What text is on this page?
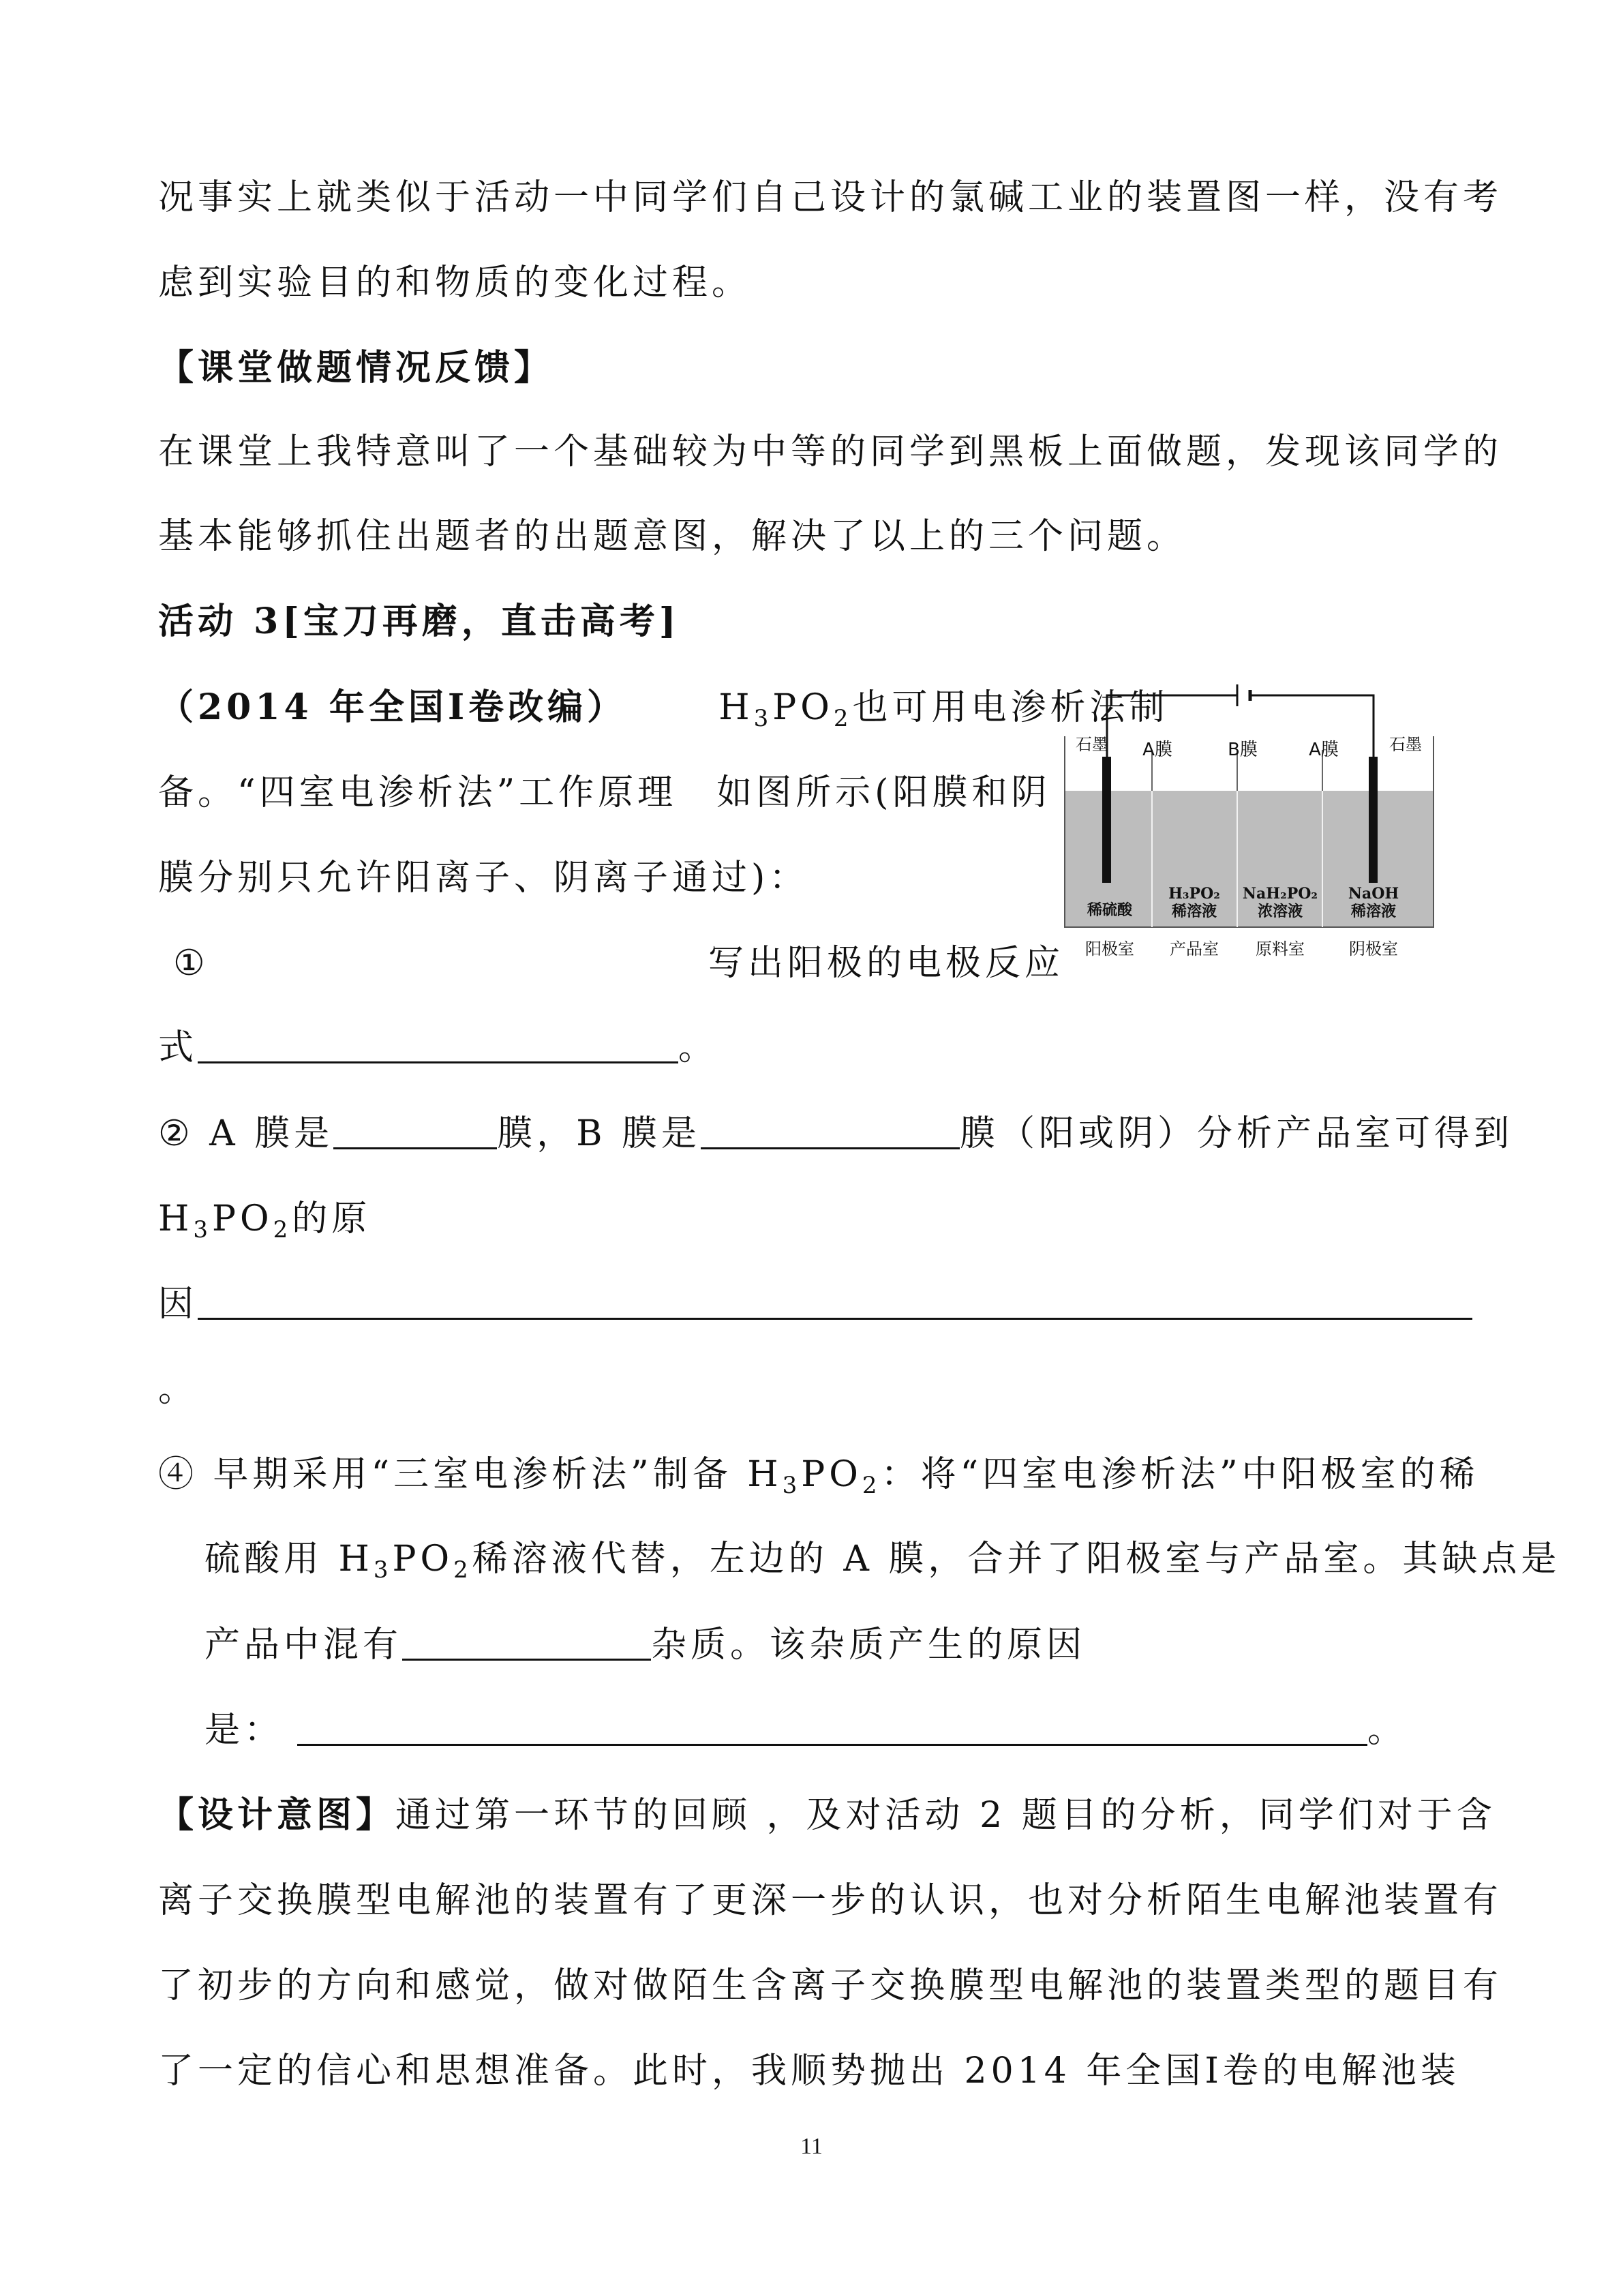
况事实上就类似于活动一中同学们自己设计的氯碱工业的装置图一样，没有考
虑到实验目的和物质的变化过程。
【课堂做题情况反馈】
在课堂上我特意叫了一个基础较为中等的同学到黑板上面做题，发现该同学的
基本能够抓住出题者的出题意图，解决了以上的三个问题。
活动 3[宝刀再磨，直击高考]
（2014 年全国Ⅰ卷改编）	$H_3PO_2$也可用电渗析法制
备。“四室电渗析法”工作原理　如图所示(阳膜和阴
膜分别只允许阳离子、阴离子通过)：
①	写出阳极的电极反应
式	。
② A 膜是	膜，B 膜是	膜（阳或阴）分析产品室可得到
$H_3PO_2$的原
因
。
④ 早期采用“三室电渗析法”制备 $H_3PO_2$：将“四室电渗析法”中阳极室的稀
硫酸用 $H_3PO_2$稀溶液代替，左边的 A 膜，合并了阳极室与产品室。其缺点是
产品中混有	杂质。该杂质产生的原因
是：	。
【设计意图】通过第一环节的回顾 ，及对活动 2 题目的分析，同学们对于含
离子交换膜型电解池的装置有了更深一步的认识，也对分析陌生电解池装置有
了初步的方向和感觉，做对做陌生含离子交换膜型电解池的装置类型的题目有
了一定的信心和思想准备。此时，我顺势抛出 2014 年全国Ⅰ卷的电解池装
石墨	石墨
A膜	B膜	A膜
稀硫酸
H₃PO₂
稀溶液
NaH₂PO₂
浓溶液
NaOH
稀溶液
阳极室 产品室 原料室	阴极室
11
